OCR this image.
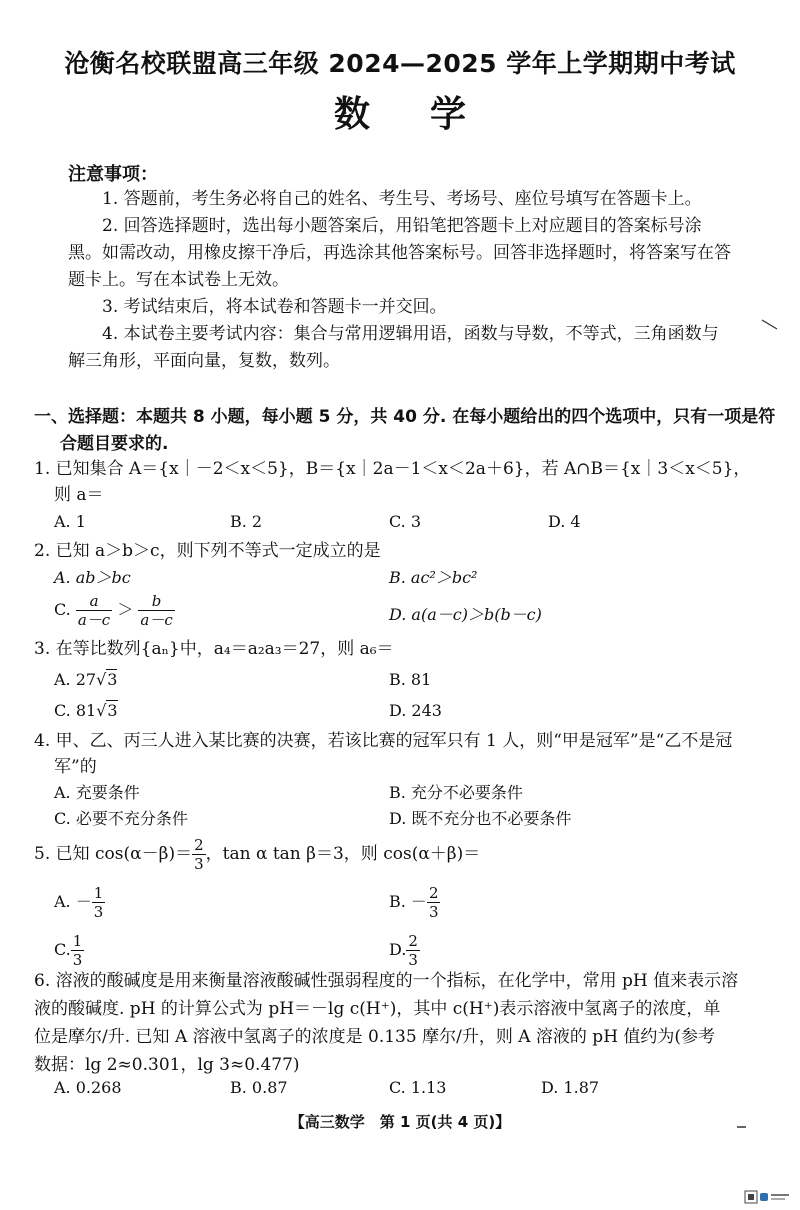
沧衡名校联盟高三年级 2024—2025 学年上学期期中考试
数学
注意事项：
1. 答题前，考生务必将自己的姓名、考生号、考场号、座位号填写在答题卡上。
2. 回答选择题时，选出每小题答案后，用铅笔把答题卡上对应题目的答案标号涂黑。如需改动，用橡皮擦干净后，再选涂其他答案标号。回答非选择题时，将答案写在答题卡上。写在本试卷上无效。
3. 考试结束后，将本试卷和答题卡一并交回。
4. 本试卷主要考试内容：集合与常用逻辑用语，函数与导数，不等式，三角函数与解三角形，平面向量，复数，数列。
一、选择题：本题共 8 小题，每小题 5 分，共 40 分. 在每小题给出的四个选项中，只有一项是符合题目要求的.
1. 已知集合 A＝{x｜－2＜x＜5}，B＝{x｜2a－1＜x＜2a＋6}，若 A∩B＝{x｜3＜x＜5}，
则 a＝
A. 1	B. 2	C. 3	D. 4
2. 已知 a＞b＞c，则下列不等式一定成立的是
A. ab＞bc	B. ac²＞bc²
C. $\frac{a}{a-c} > \frac{b}{a-c}$	D. a(a－c)＞b(b－c)
3. 在等比数列{aₙ}中，a₄＝a₂a₃＝27，则 a₆＝
A. 27√3	B. 81
C. 81√3	D. 243
4. 甲、乙、丙三人进入某比赛的决赛，若该比赛的冠军只有 1 人，则“甲是冠军”是“乙不是冠
军”的
A. 充要条件	B. 充分不必要条件
C. 必要不充分条件	D. 既不充分也不必要条件
5. 已知 $\cos(\alpha-\beta)= \frac{2}{3}$ ，tan α tan β＝3，则 cos(α＋β)＝
A. － $\frac{1}{3}$	B. － $\frac{2}{3}$
C. $\frac{1}{3}$	D. $\frac{2}{3}$
6. 溶液的酸碱度是用来衡量溶液酸碱性强弱程度的一个指标，在化学中，常用 pH 值来表示溶
液的酸碱度. pH 的计算公式为 pH＝－lg c(H⁺)，其中 c(H⁺)表示溶液中氢离子的浓度，单
位是摩尔/升. 已知 A 溶液中氢离子的浓度是 0.135 摩尔/升，则 A 溶液的 pH 值约为(参考
数据：lg 2≈0.301，lg 3≈0.477)
A. 0.268	B. 0.87	C. 1.13	D. 1.87
【高三数学　第 1 页(共 4 页)】
